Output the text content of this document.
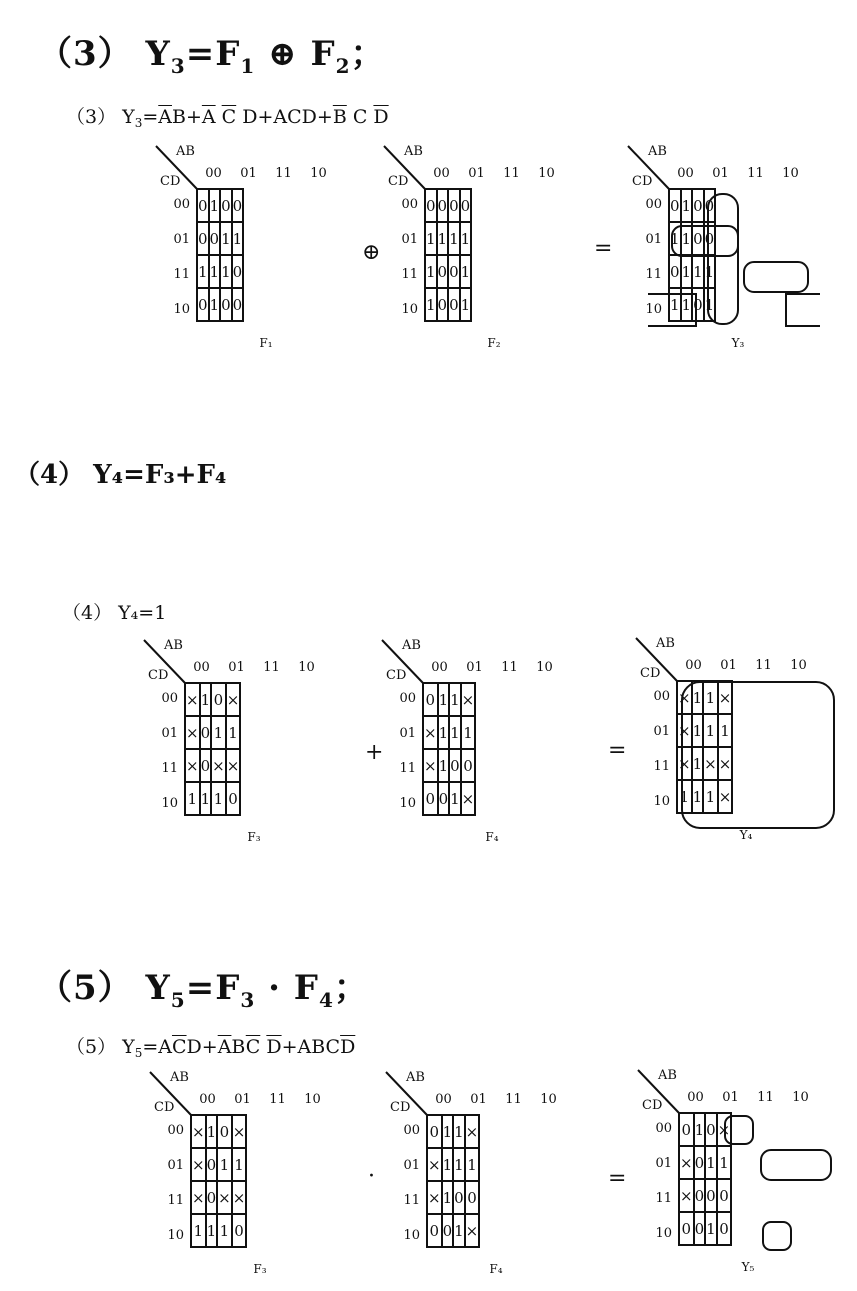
（3） $Y_3=F_1$ ⊕ $F_2$；
（3） $Y_3=\overline{A}B+\overline{A}$ $\overline{C}$ $D+ACD+\overline{B}$ C $\overline{D}$
AB
CD
00	01	11	10
00
01
11
10
0	1	0	0
0	0	1	1
1	1	1	0
0	1	0	0
F₁
⊕
AB
CD
00	01	11	10
00
01
11
10
0	0	0	0
1	1	1	1
1	0	0	1
1	0	0	1
F₂
=
AB
CD
00	01	11	10
00
01
11
10
0	1	0	0
1	1	0	0
0	1	1	1
1	1	0	1
Y₃
（4） Y₄=F₃+F₄
（4） Y₄=1
AB
CD
00	01	11	10
00
01
11
10
×	1	0	×
×	0	1	1
×	0	×	×
1	1	1	0
F₃
+
AB
CD
00	01	11	10
00
01
11
10
0	1	1	×
×	1	1	1
×	1	0	0
0	0	1	×
F₄
=
AB
CD
00	01	11	10
00
01
11
10
×	1	1	×
×	1	1	1
×	1	×	×
1	1	1	×
Y₄
（5） $Y_5=F_3 \cdot F_4$；
（5） $Y_5=A\overline{C}D+\overline{A}B\overline{C}$ $\overline{D}+ABC\overline{D}$
AB
CD
00	01	11	10
00
01
11
10
×	1	0	×
×	0	1	1
×	0	×	×
1	1	1	0
F₃
·
AB
CD
00	01	11	10
00
01
11
10
0	1	1	×
×	1	1	1
×	1	0	0
0	0	1	×
F₄
=
AB
CD
00	01	11	10
00
01
11
10
0	1	0	×
×	0	1	1
×	0	0	0
0	0	1	0
Y₅
